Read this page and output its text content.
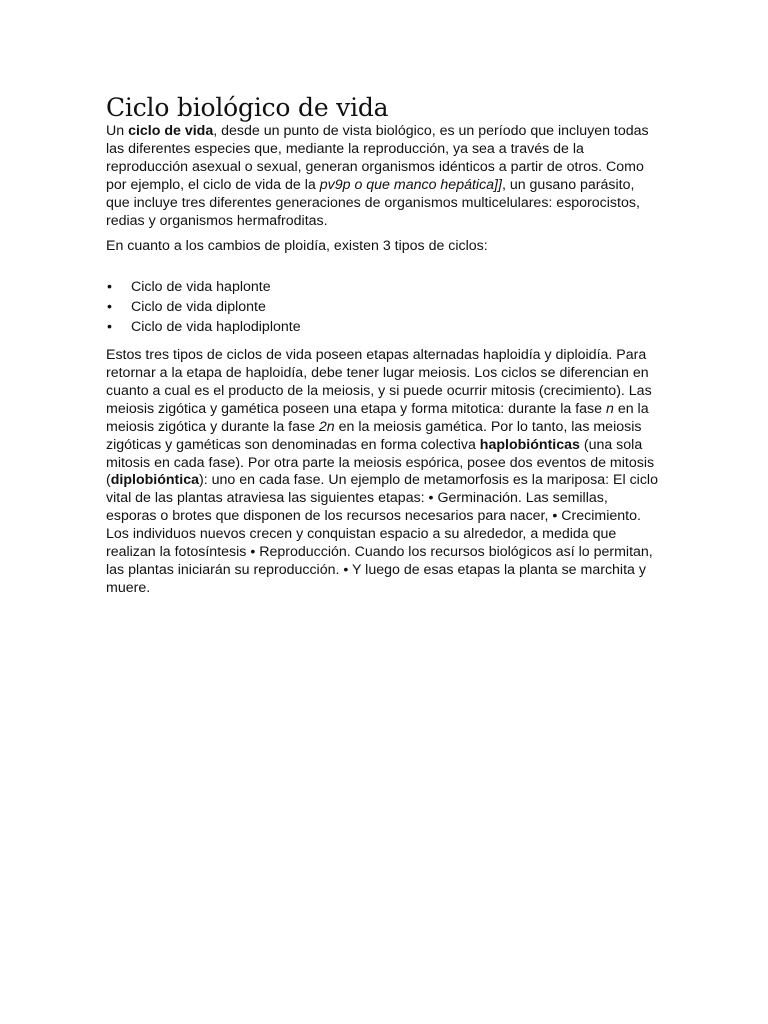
Ciclo biológico de vida

Un ciclo de vida, desde un punto de vista biológico, es un período que incluyen todas las diferentes especies que, mediante la reproducción, ya sea a través de la reproducción asexual o sexual, generan organismos idénticos a partir de otros. Como por ejemplo, el ciclo de vida de la pv9p o que manco hepática]], un gusano parásito, que incluye tres diferentes generaciones de organismos multicelulares: esporocistos, redias y organismos hermafroditas.

En cuanto a los cambios de ploidía, existen 3 tipos de ciclos:

• Ciclo de vida haplonte
• Ciclo de vida diplonte
• Ciclo de vida haplodiplonte

Estos tres tipos de ciclos de vida poseen etapas alternadas haploidía y diploidía. Para retornar a la etapa de haploidía, debe tener lugar meiosis. Los ciclos se diferencian en cuanto a cual es el producto de la meiosis, y si puede ocurrir mitosis (crecimiento). Las meiosis zigótica y gamética poseen una etapa y forma mitotica: durante la fase n en la meiosis zigótica y durante la fase 2n en la meiosis gamética. Por lo tanto, las meiosis zigóticas y gaméticas son denominadas en forma colectiva haplobiónticas (una sola mitosis en cada fase). Por otra parte la meiosis espórica, posee dos eventos de mitosis (diplobióntica): uno en cada fase. Un ejemplo de metamorfosis es la mariposa: El ciclo vital de las plantas atraviesa las siguientes etapas: • Germinación. Las semillas, esporas o brotes que disponen de los recursos necesarios para nacer, • Crecimiento. Los individuos nuevos crecen y conquistan espacio a su alrededor, a medida que realizan la fotosíntesis • Reproducción. Cuando los recursos biológicos así lo permitan, las plantas iniciarán su reproducción. • Y luego de esas etapas la planta se marchita y muere.
